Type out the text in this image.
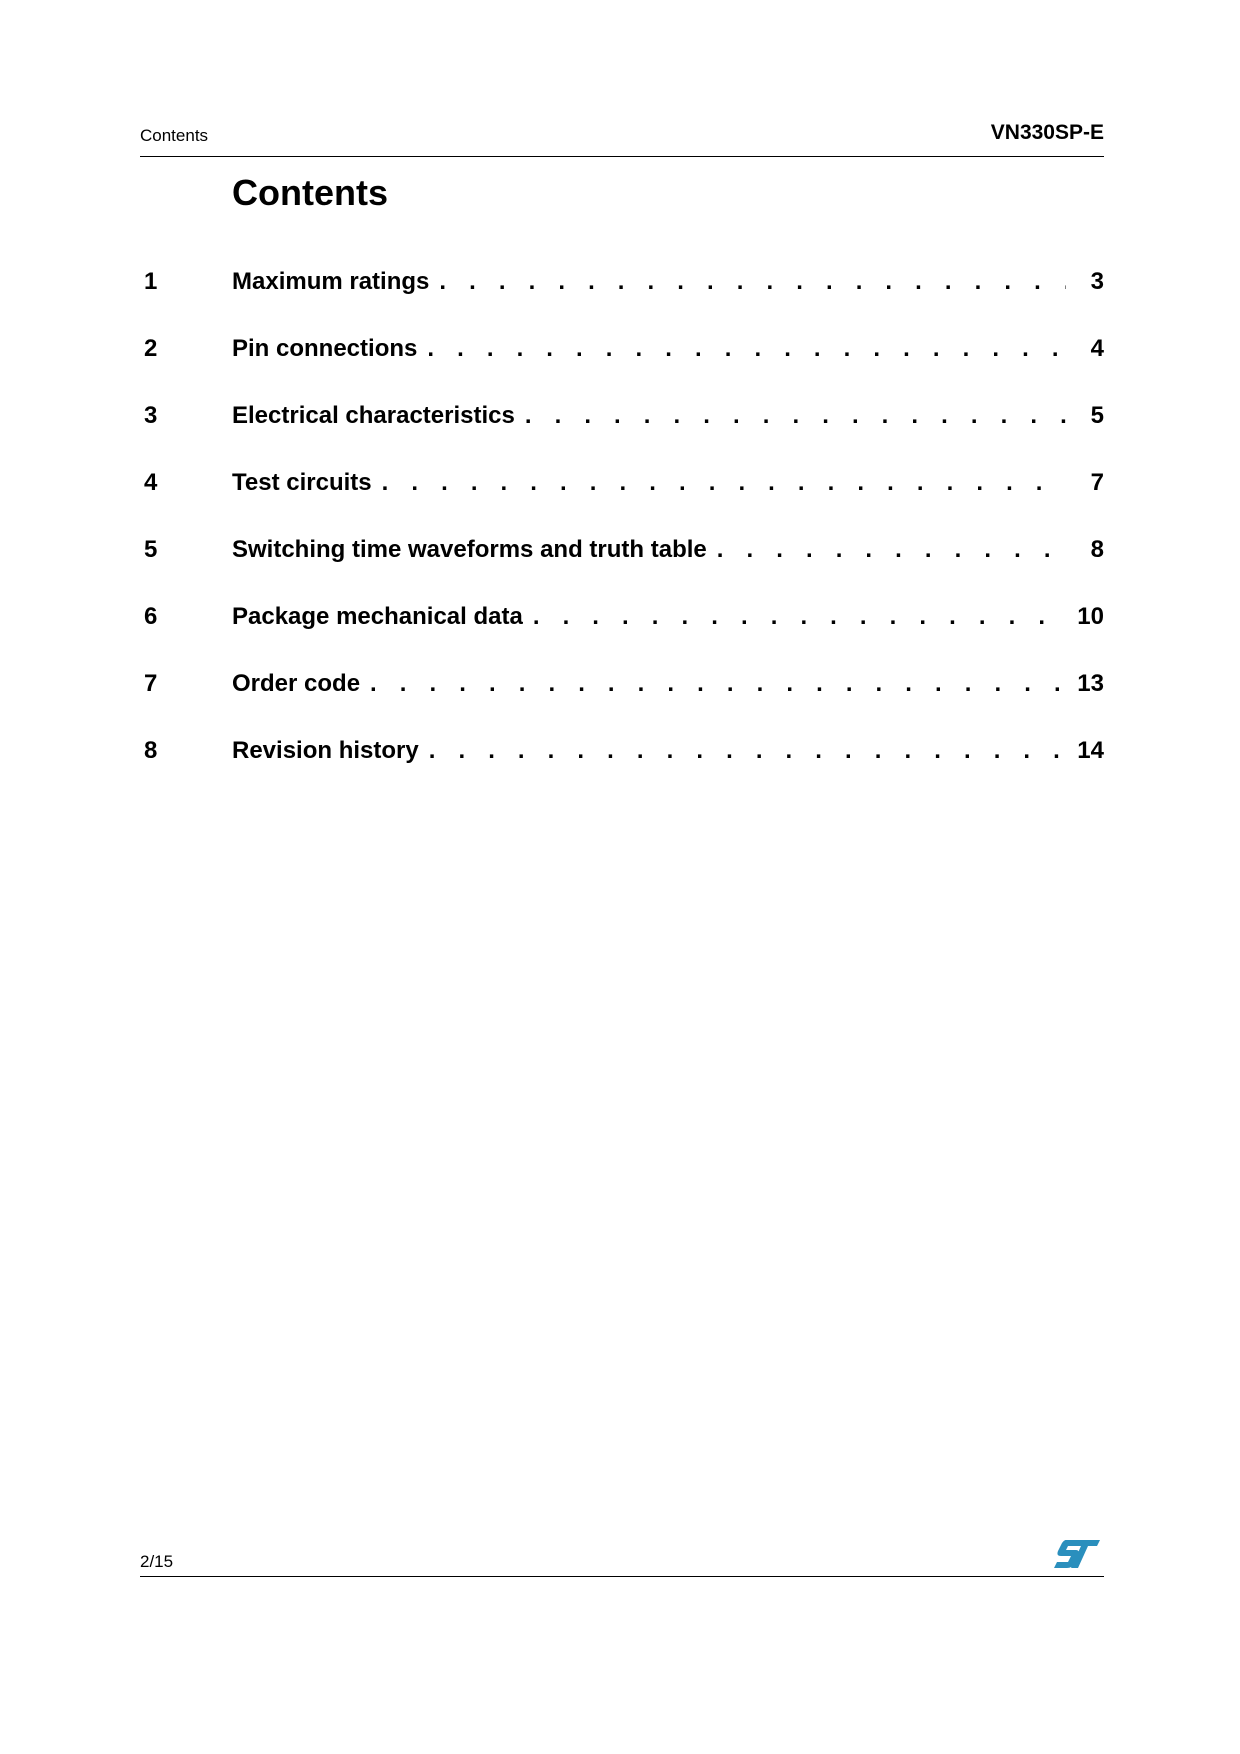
Contents	VN330SP-E
Contents
1	Maximum ratings . . .	3
2	Pin connections . . .	4
3	Electrical characteristics . . .	5
4	Test circuits . . .	7
5	Switching time waveforms and truth table . . .	8
6	Package mechanical data . . .	10
7	Order code . . .	13
8	Revision history . . .	14
2/15
